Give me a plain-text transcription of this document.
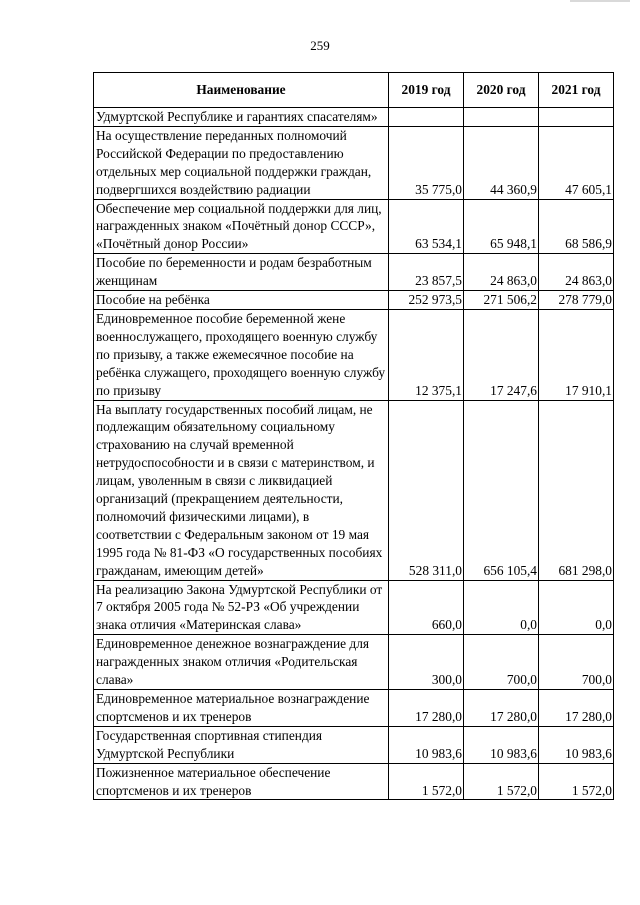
259
Наименование	2019 год	2020 год	2021 год
Удмуртской Республике и гарантиях спасателям»			
На осуществление переданных полномочий Российской Федерации по предоставлению отдельных мер социальной поддержки граждан, подвергшихся воздействию радиации	35 775,0	44 360,9	47 605,1
Обеспечение мер социальной поддержки для лиц, награжденных знаком «Почётный донор СССР», «Почётный донор России»	63 534,1	65 948,1	68 586,9
Пособие по беременности и родам безработным женщинам	23 857,5	24 863,0	24 863,0
Пособие на ребёнка	252 973,5	271 506,2	278 779,0
Единовременное пособие беременной жене военнослужащего, проходящего военную службу по призыву, а также ежемесячное пособие на ребёнка служащего, проходящего военную службу по призыву	12 375,1	17 247,6	17 910,1
На выплату государственных пособий лицам, не подлежащим обязательному социальному страхованию на случай временной нетрудоспособности и в связи с материнством, и лицам, уволенным в связи с ликвидацией организаций (прекращением деятельности, полномочий физическими лицами), в соответствии с Федеральным законом от 19 мая 1995 года № 81-ФЗ «О государственных пособиях гражданам, имеющим детей»	528 311,0	656 105,4	681 298,0
На реализацию Закона Удмуртской Республики от 7 октября 2005 года № 52-РЗ «Об учреждении знака отличия «Материнская слава»	660,0	0,0	0,0
Единовременное денежное вознаграждение для награжденных знаком отличия «Родительская слава»	300,0	700,0	700,0
Единовременное материальное вознаграждение спортсменов и их тренеров	17 280,0	17 280,0	17 280,0
Государственная спортивная стипендия Удмуртской Республики	10 983,6	10 983,6	10 983,6
Пожизненное материальное обеспечение спортсменов и их тренеров	1 572,0	1 572,0	1 572,0
